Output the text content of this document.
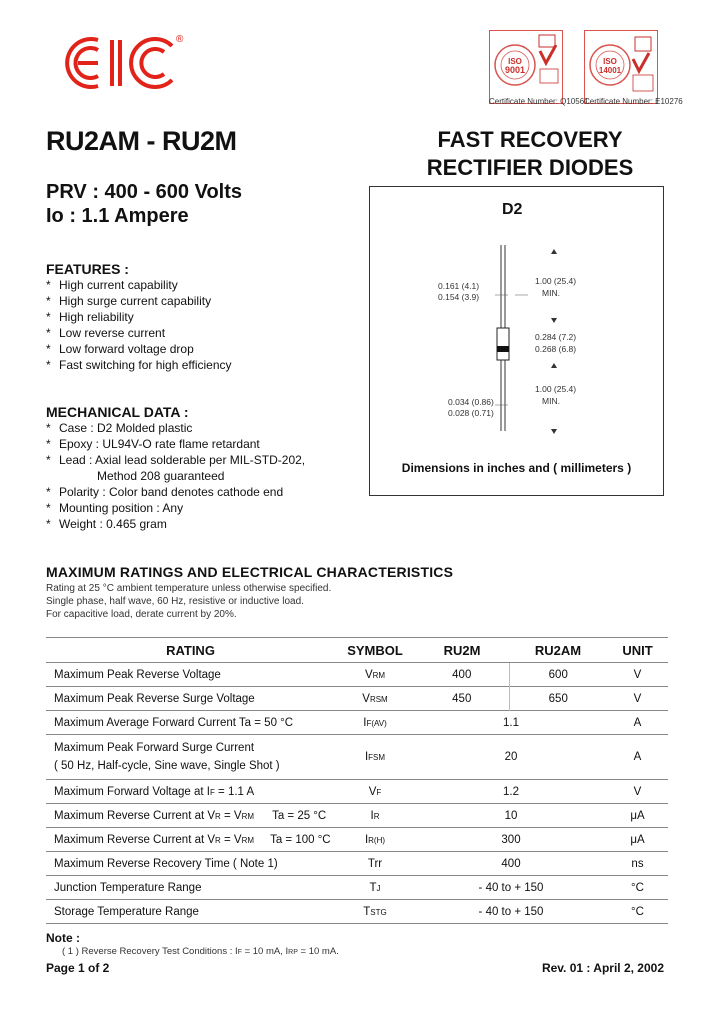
®
ISO
9001
Certificate Number: Q10561
ISO
14001
Certificate Number: E10276
RU2AM - RU2M	FAST RECOVERY
RECTIFIER DIODES
PRV : 400 - 600 Volts
Io : 1.1 Ampere
FEATURES :
* High current capability
* High surge current capability
* High reliability
* Low reverse current
* Low forward voltage drop
* Fast switching for high efficiency
MECHANICAL DATA :
* Case : D2 Molded plastic
* Epoxy : UL94V-O rate flame retardant
* Lead : Axial lead solderable per MIL-STD-202,
Method 208 guaranteed
* Polarity : Color band denotes cathode end
* Mounting position : Any
* Weight : 0.465 gram
D2
0.161 (4.1)
0.154 (3.9)
1.00 (25.4)
MIN.
0.284 (7.2)
0.268 (6.8)
0.034 (0.86)
0.028 (0.71)
1.00 (25.4)
MIN.
Dimensions in inches and ( millimeters )
MAXIMUM RATINGS AND ELECTRICAL CHARACTERISTICS
Rating at 25 °C ambient temperature unless otherwise specified.
Single phase, half wave, 60 Hz, resistive or inductive load.
For capacitive load, derate current by 20%.
RATING	SYMBOL	RU2M	RU2AM	UNIT
Maximum Peak Reverse Voltage	VRM	400	600	V
Maximum Peak Reverse Surge Voltage	VRSM	450	650	V
Maximum Average Forward Current Ta = 50 °C	IF(AV)	1.1		A

Maximum Peak Forward Surge Current
( 50 Hz, Half-cycle, Sine wave, Single Shot )	IFSM	20		A
Maximum Forward Voltage at IF = 1.1 A	VF	1.2		V
Maximum Reverse Current at VR = VRM Ta = 25 °C	IR	10		μA
Maximum Reverse Current at VR = VRM Ta = 100 °C	IR(H)	300		μA
Maximum Reverse Recovery Time ( Note 1)	Trr	400		ns
Junction Temperature Range	TJ	- 40 to + 150		°C
Storage Temperature Range	TSTG	- 40 to + 150		°C
Note :
( 1 ) Reverse Recovery Test Conditions : IF = 10 mA, IRP = 10 mA.
Page 1 of 2	Rev. 01 : April 2, 2002
